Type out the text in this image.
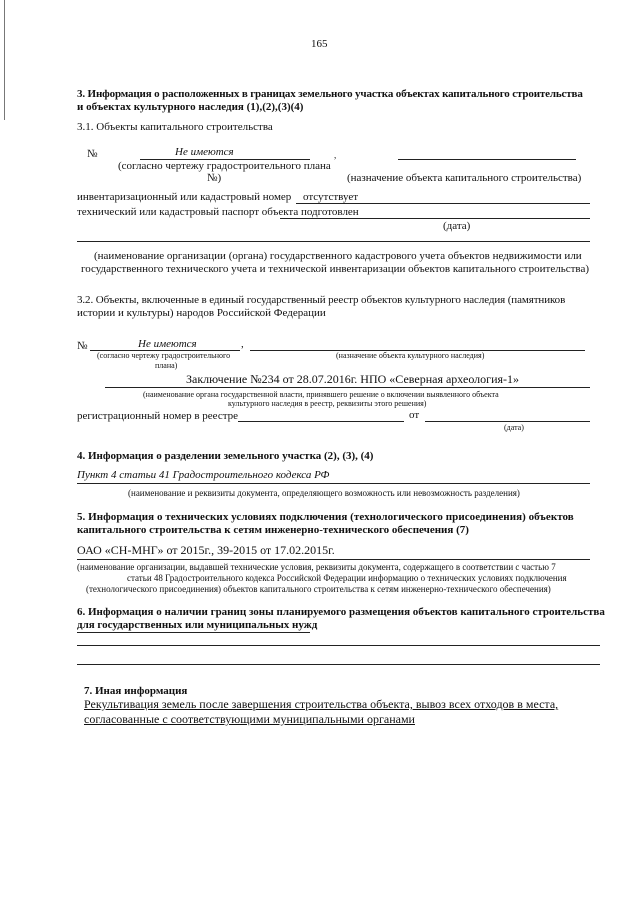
165
3. Информация о расположенных в границах земельного участка объектах капитального строительства
и объектах культурного наследия (1),(2),(3)(4)
3.1. Объекты капитального строительства
№	Не имеются	,
(согласно чертежу градостроительного плана
№)	(назначение объекта капитального строительства)
инвентаризационный или кадастровый номер отсутствует
технический или кадастровый паспорт объекта подготовлен
(дата)
(наименование организации (органа) государственного кадастрового учета объектов недвижимости или
государственного технического учета и технической инвентаризации объектов капитального строительства)
3.2. Объекты, включенные в единый государственный реестр объектов культурного наследия (памятников
истории и культуры) народов Российской Федерации
№	Не имеются	,
(согласно чертежу градостроительного
плана)
(назначение объекта культурного наследия)
Заключение №234 от 28.07.2016г. НПО «Северная археология-1»
(наименование органа государственной власти, принявшего решение о включении выявленного объекта
культурного наследия в реестр, реквизиты этого решения)
регистрационный номер в реестре	от
(дата)
4. Информация о разделении земельного участка (2), (3), (4)
Пункт 4 статьи 41 Градостроительного кодекса РФ
(наименование и реквизиты документа, определяющего возможность или невозможность разделения)
5. Информация о технических условиях подключения (технологического присоединения) объектов
капитального строительства к сетям инженерно-технического обеспечения (7)
ОАО «СН-МНГ» от 2015г., 39-2015 от 17.02.2015г.
(наименование организации, выдавшей технические условия, реквизиты документа, содержащего в соответствии с частью 7
статьи 48 Градостроительного кодекса Российской Федерации информацию о технических условиях подключения
(технологического присоединения) объектов капитального строительства к сетям инженерно-технического обеспечения)
6. Информация о наличии границ зоны планируемого размещения объектов капитального строительства
для государственных или муниципальных нужд
7. Иная информация
Рекультивация земель после завершения строительства объекта, вывоз всех отходов в места,
согласованные с соответствующими муниципальными органами
